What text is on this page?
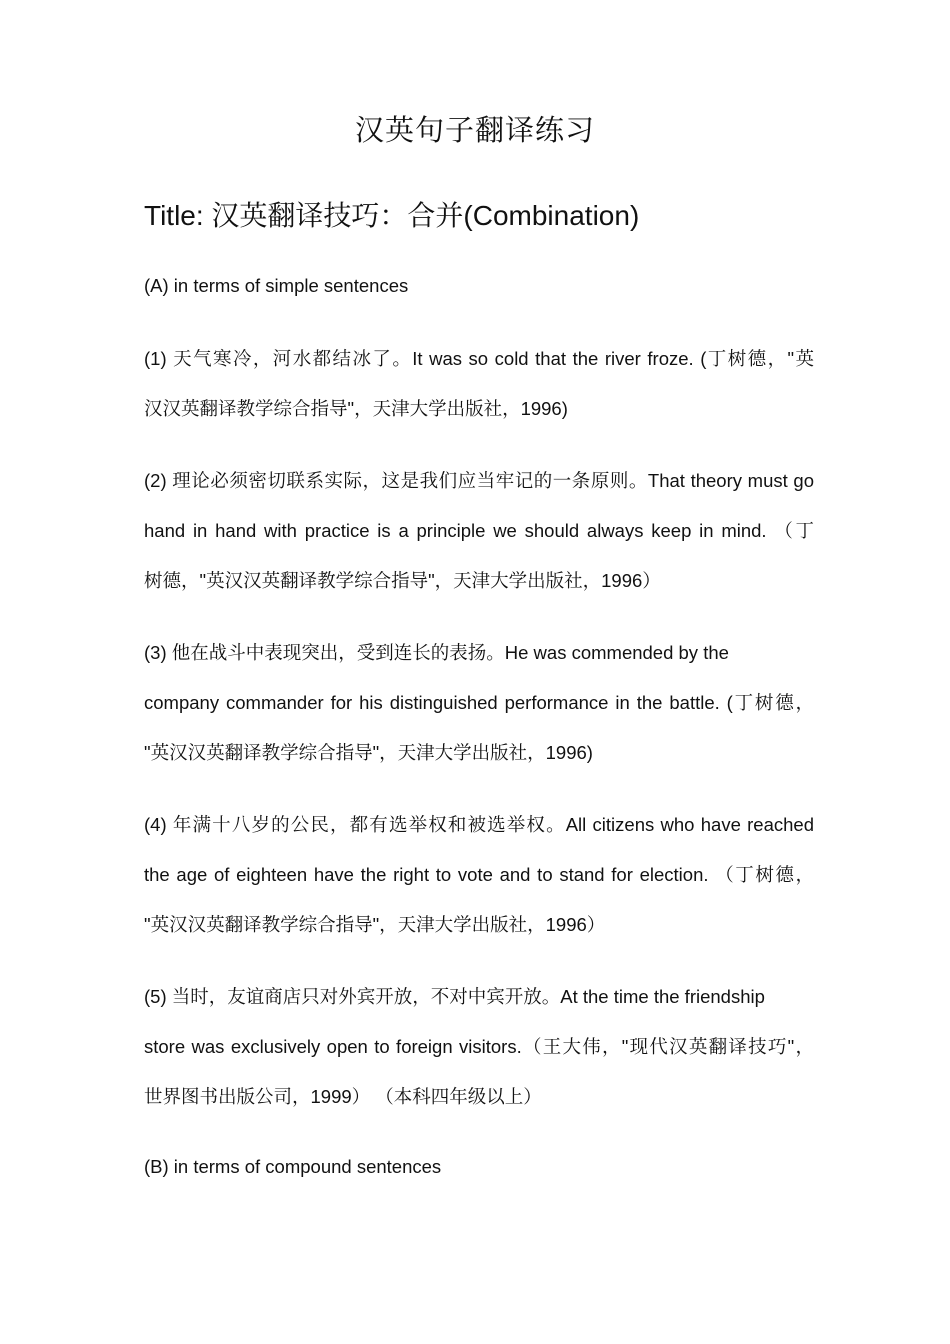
汉英句子翻译练习
Title: 汉英翻译技巧：合并(Combination)
(A) in terms of simple sentences
(1) 天气寒冷，河水都结冰了。It was so cold that the river froze. (丁树德，"英
汉汉英翻译教学综合指导"，天津大学出版社，1996)
(2) 理论必须密切联系实际，这是我们应当牢记的一条原则。That theory must go
hand in hand with practice is a principle we should always keep in mind. （丁
树德，"英汉汉英翻译教学综合指导"，天津大学出版社，1996）
(3) 他在战斗中表现突出，受到连长的表扬。He was commended by the
company commander for his distinguished performance in the battle. (丁树德，
"英汉汉英翻译教学综合指导"，天津大学出版社，1996)
(4) 年满十八岁的公民，都有选举权和被选举权。All citizens who have reached
the age of eighteen have the right to vote and to stand for election. （丁树德，
"英汉汉英翻译教学综合指导"，天津大学出版社，1996）
(5) 当时，友谊商店只对外宾开放，不对中宾开放。At the time the friendship
store was exclusively open to foreign visitors.（王大伟，"现代汉英翻译技巧"，
世界图书出版公司，1999） （本科四年级以上）
(B) in terms of compound sentences
